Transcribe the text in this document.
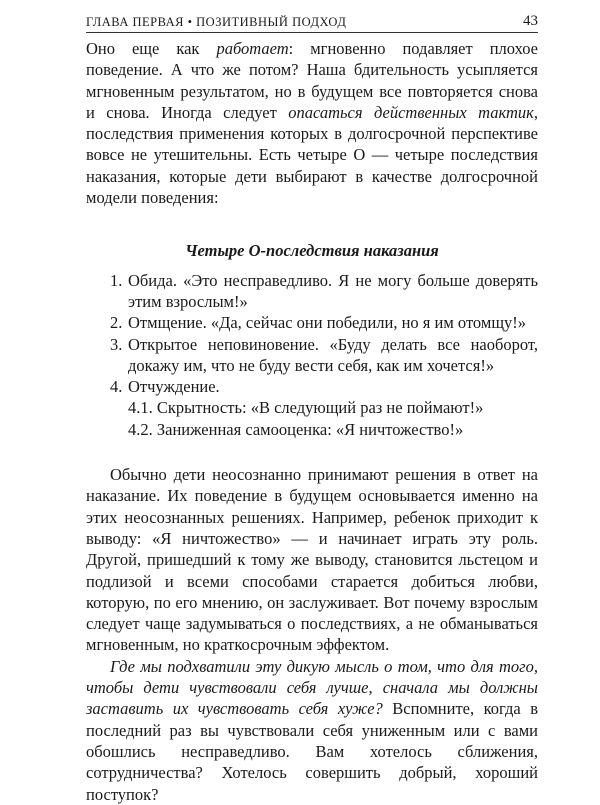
ГЛАВА ПЕРВАЯ • ПОЗИТИВНЫЙ ПОДХОД	43

Оно еще как работает: мгновенно подавляет плохое поведение. А что же потом? Наша бдительность усыпляется мгновенным результатом, но в будущем все повторяется снова и снова. Иногда следует опасаться действенных тактик, последствия применения которых в долгосрочной перспективе вовсе не утешительны. Есть четыре О — четыре последствия наказания, которые дети выбирают в качестве долгосрочной модели поведения:

Четыре О-последствия наказания
1. Обида. «Это несправедливо. Я не могу больше доверять этим взрослым!»
2. Отмщение. «Да, сейчас они победили, но я им отомщу!»
3. Открытое неповиновение. «Буду делать все наоборот, докажу им, что не буду вести себя, как им хочется!»
4. Отчуждение.
4.1. Скрытность: «В следующий раз не поймают!»
4.2. Заниженная самооценка: «Я ничтожество!»

Обычно дети неосознанно принимают решения в ответ на наказание. Их поведение в будущем основывается именно на этих неосознанных решениях. Например, ребенок приходит к выводу: «Я ничтожество» — и начинает играть эту роль. Другой, пришедший к тому же выводу, становится льстецом и подлизой и всеми способами старается добиться любви, которую, по его мнению, он заслуживает. Вот почему взрослым следует чаще задумываться о последствиях, а не обманываться мгновенным, но краткосрочным эффектом.

Где мы подхватили эту дикую мысль о том, что для того, чтобы дети чувствовали себя лучше, сначала мы должны заставить их чувствовать себя хуже? Вспомните, когда в последний раз вы чувствовали себя униженным или с вами обошлись несправедливо. Вам хотелось сближения, сотрудничества? Хотелось совершить добрый, хороший поступок?
